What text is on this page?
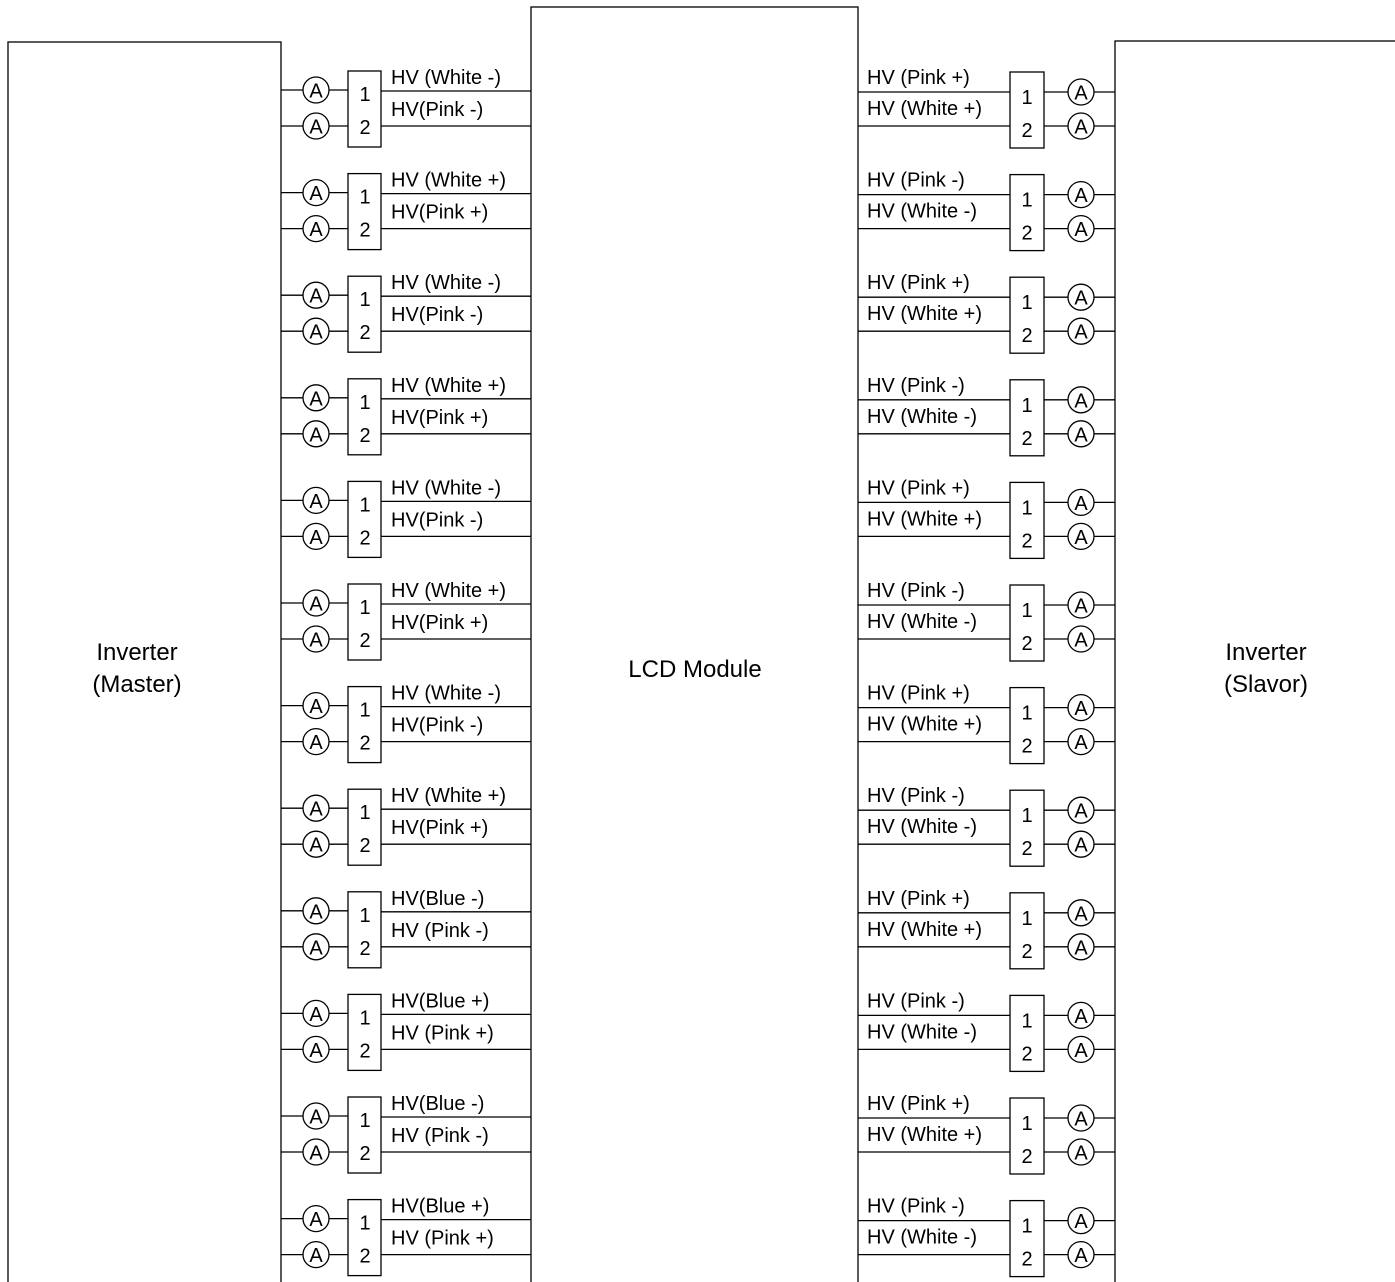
Inverter
(Master)
LCD Module
Inverter
(Slavor)
A
A
1
2
HV (White -)
HV(Pink -)
A
A
1
2
HV (White +)
HV(Pink +)
A
A
1
2
HV (White -)
HV(Pink -)
A
A
1
2
HV (White +)
HV(Pink +)
A
A
1
2
HV (White -)
HV(Pink -)
A
A
1
2
HV (White +)
HV(Pink +)
A
A
1
2
HV (White -)
HV(Pink -)
A
A
1
2
HV (White +)
HV(Pink +)
A
A
1
2
HV(Blue -)
HV (Pink -)
A
A
1
2
HV(Blue +)
HV (Pink +)
A
A
1
2
HV(Blue -)
HV (Pink -)
A
A
1
2
HV(Blue +)
HV (Pink +)
1
2
A
A
HV (Pink +)
HV (White +)
1
2
A
A
HV (Pink -)
HV (White -)
1
2
A
A
HV (Pink +)
HV (White +)
1
2
A
A
HV (Pink -)
HV (White -)
1
2
A
A
HV (Pink +)
HV (White +)
1
2
A
A
HV (Pink -)
HV (White -)
1
2
A
A
HV (Pink +)
HV (White +)
1
2
A
A
HV (Pink -)
HV (White -)
1
2
A
A
HV (Pink +)
HV (White +)
1
2
A
A
HV (Pink -)
HV (White -)
1
2
A
A
HV (Pink +)
HV (White +)
1
2
A
A
HV (Pink -)
HV (White -)
